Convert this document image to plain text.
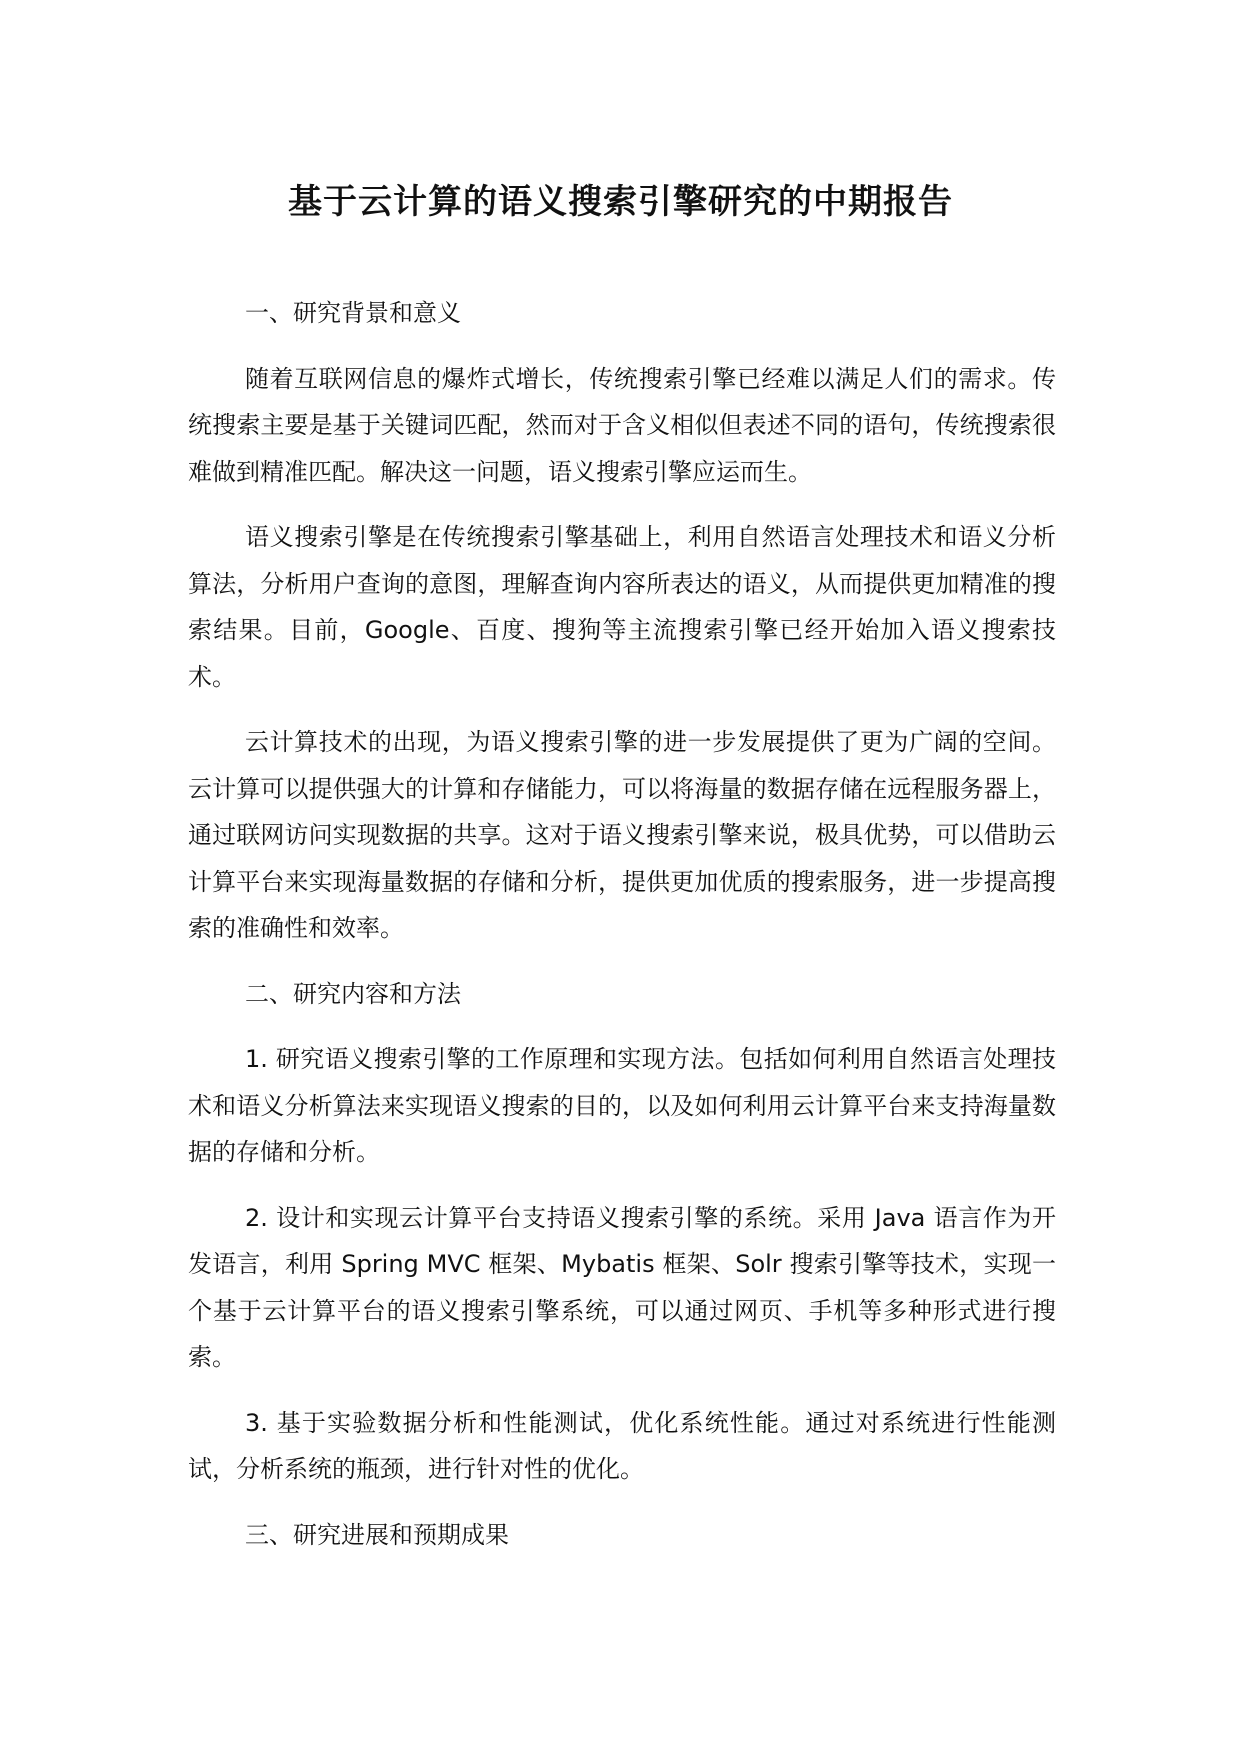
基于云计算的语义搜索引擎研究的中期报告

一、研究背景和意义

随着互联网信息的爆炸式增长，传统搜索引擎已经难以满足人们的需求。传统搜索主要是基于关键词匹配，然而对于含义相似但表述不同的语句，传统搜索很难做到精准匹配。解决这一问题，语义搜索引擎应运而生。

语义搜索引擎是在传统搜索引擎基础上，利用自然语言处理技术和语义分析算法，分析用户查询的意图，理解查询内容所表达的语义，从而提供更加精准的搜索结果。目前，Google、百度、搜狗等主流搜索引擎已经开始加入语义搜索技术。

云计算技术的出现，为语义搜索引擎的进一步发展提供了更为广阔的空间。云计算可以提供强大的计算和存储能力，可以将海量的数据存储在远程服务器上，通过联网访问实现数据的共享。这对于语义搜索引擎来说，极具优势，可以借助云计算平台来实现海量数据的存储和分析，提供更加优质的搜索服务，进一步提高搜索的准确性和效率。

二、研究内容和方法

1. 研究语义搜索引擎的工作原理和实现方法。包括如何利用自然语言处理技术和语义分析算法来实现语义搜索的目的，以及如何利用云计算平台来支持海量数据的存储和分析。

2. 设计和实现云计算平台支持语义搜索引擎的系统。采用 Java 语言作为开发语言，利用 Spring MVC 框架、Mybatis 框架、Solr 搜索引擎等技术，实现一个基于云计算平台的语义搜索引擎系统，可以通过网页、手机等多种形式进行搜索。

3. 基于实验数据分析和性能测试，优化系统性能。通过对系统进行性能测试，分析系统的瓶颈，进行针对性的优化。

三、研究进展和预期成果
